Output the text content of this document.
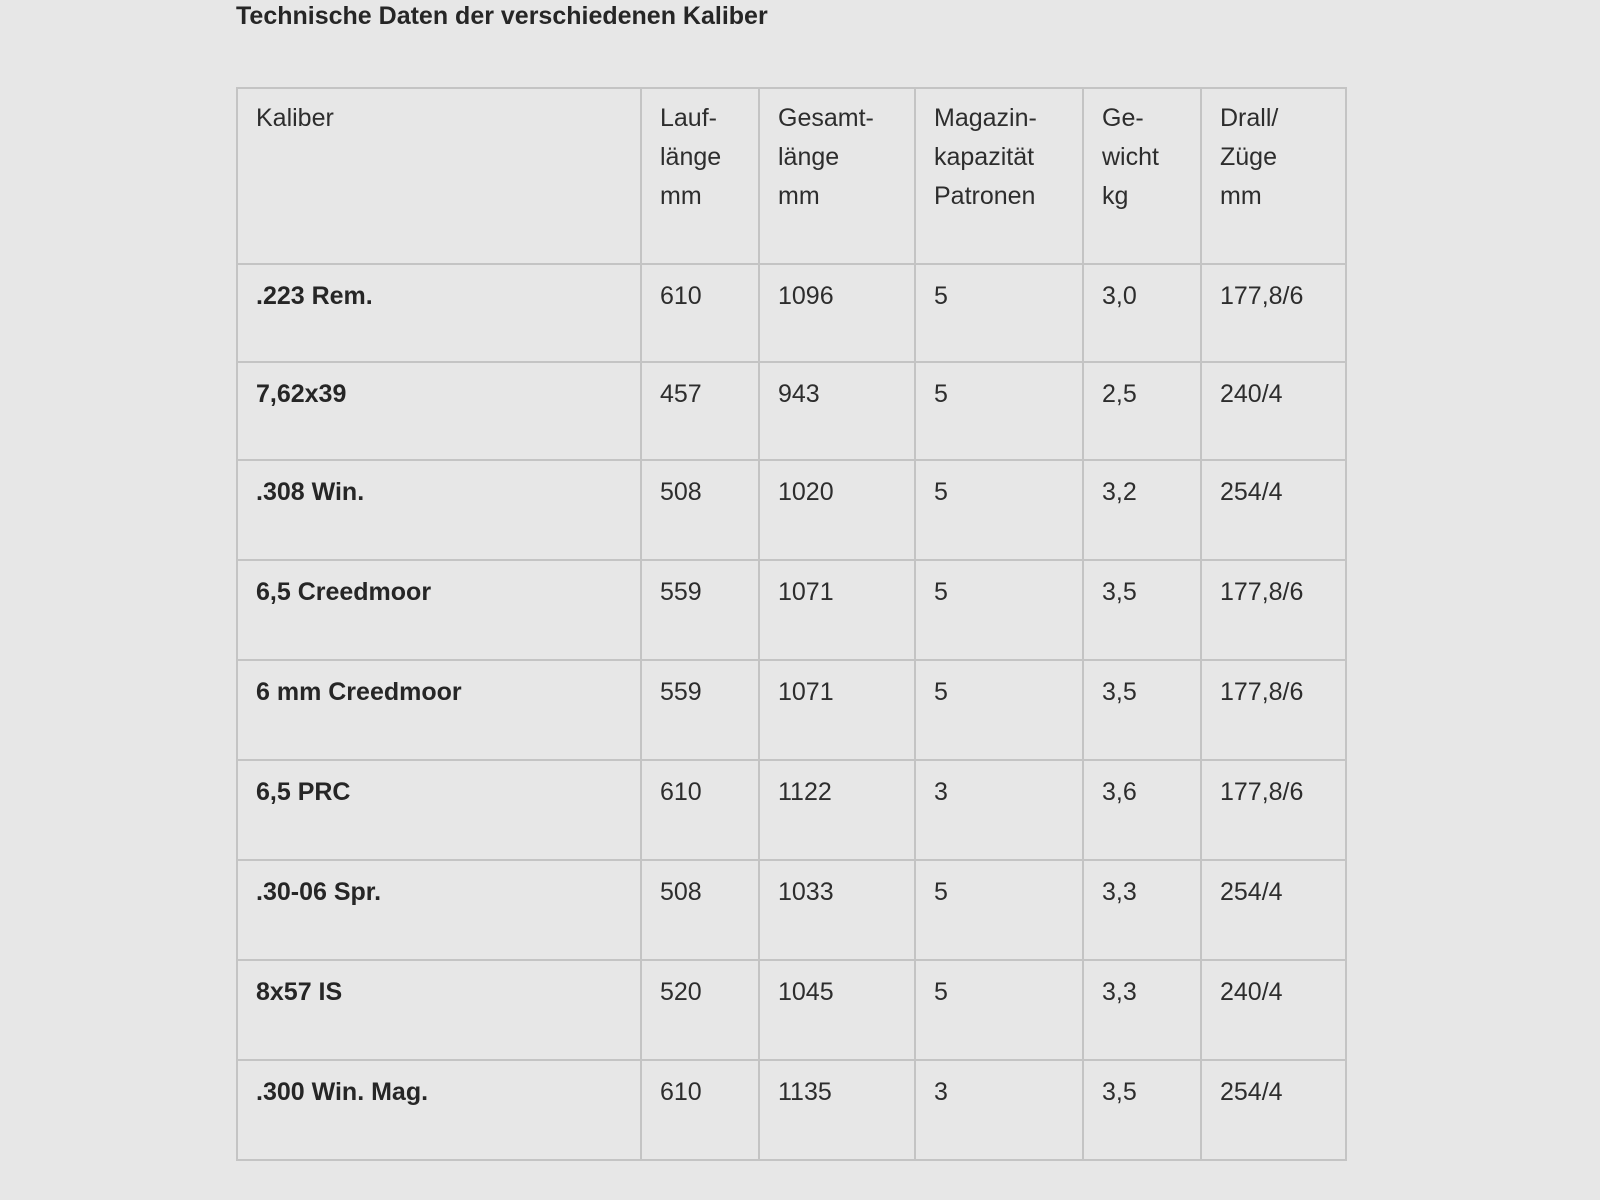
Technische Daten der verschiedenen Kaliber
Kaliber	Lauf-
länge
mm	Gesamt-
länge
mm	Magazin-
kapazität
Patronen	Ge-
wicht
kg	Drall/
Züge
mm

.223 Rem.	610	1096	5	3,0	177,8/6
7,62x39	457	943	5	2,5	240/4
.308 Win.	508	1020	5	3,2	254/4
6,5 Creedmoor	559	1071	5	3,5	177,8/6
6 mm Creedmoor	559	1071	5	3,5	177,8/6
6,5 PRC	610	1122	3	3,6	177,8/6
.30-06 Spr.	508	1033	5	3,3	254/4
8x57 IS	520	1045	5	3,3	240/4
.300 Win. Mag.	610	1135	3	3,5	254/4
